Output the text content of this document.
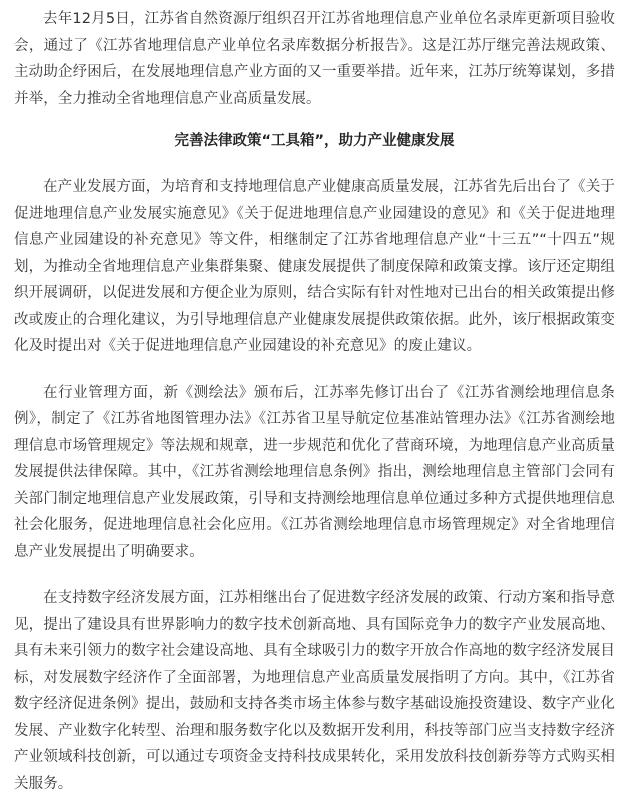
去年12月5日，江苏省自然资源厅组织召开江苏省地理信息产业单位名录库更新项目验收会，通过了《江苏省地理信息产业单位名录库数据分析报告》。这是江苏厅继完善法规政策、主动助企纾困后，在发展地理信息产业方面的又一重要举措。近年来，江苏厅统筹谋划，多措并举，全力推动全省地理信息产业高质量发展。

完善法律政策“工具箱”，助力产业健康发展

在产业发展方面，为培育和支持地理信息产业健康高质量发展，江苏省先后出台了《关于促进地理信息产业发展实施意见》《关于促进地理信息产业园建设的意见》和《关于促进地理信息产业园建设的补充意见》等文件，相继制定了江苏省地理信息产业“十三五”“十四五”规划，为推动全省地理信息产业集群集聚、健康发展提供了制度保障和政策支撑。该厅还定期组织开展调研，以促进发展和方便企业为原则，结合实际有针对性地对已出台的相关政策提出修改或废止的合理化建议，为引导地理信息产业健康发展提供政策依据。此外，该厅根据政策变化及时提出对《关于促进地理信息产业园建设的补充意见》的废止建议。

在行业管理方面，新《测绘法》颁布后，江苏率先修订出台了《江苏省测绘地理信息条例》，制定了《江苏省地图管理办法》《江苏省卫星导航定位基准站管理办法》《江苏省测绘地理信息市场管理规定》等法规和规章，进一步规范和优化了营商环境，为地理信息产业高质量发展提供法律保障。其中，《江苏省测绘地理信息条例》指出，测绘地理信息主管部门会同有关部门制定地理信息产业发展政策，引导和支持测绘地理信息单位通过多种方式提供地理信息社会化服务，促进地理信息社会化应用。《江苏省测绘地理信息市场管理规定》对全省地理信息产业发展提出了明确要求。

在支持数字经济发展方面，江苏相继出台了促进数字经济发展的政策、行动方案和指导意见，提出了建设具有世界影响力的数字技术创新高地、具有国际竞争力的数字产业发展高地、具有未来引领力的数字社会建设高地、具有全球吸引力的数字开放合作高地的数字经济发展目标，对发展数字经济作了全面部署，为地理信息产业高质量发展指明了方向。其中，《江苏省数字经济促进条例》提出，鼓励和支持各类市场主体参与数字基础设施投资建设、数字产业化发展、产业数字化转型、治理和服务数字化以及数据开发利用，科技等部门应当支持数字经济产业领域科技创新，可以通过专项资金支持科技成果转化，采用发放科技创新券等方式购买相关服务。
